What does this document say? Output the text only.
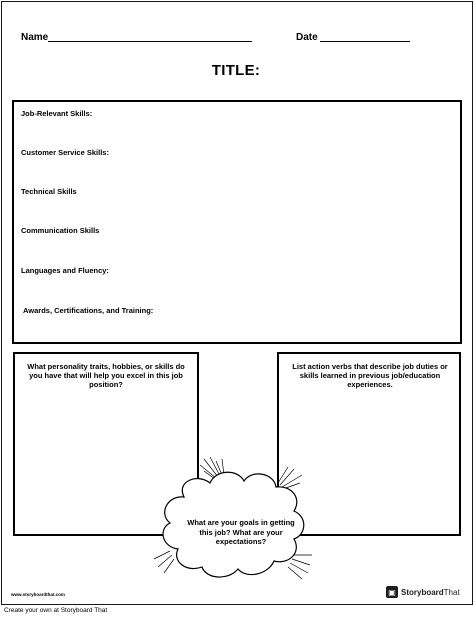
Name	Date
TITLE:
Job-Relevant Skills:
Customer Service Skills:
Technical Skills
Communication Skills
Languages and Fluency:
Awards, Certifications, and Training:
What personality traits, hobbies, or skills do you have that will help you excel in this job position?
List action verbs that describe job duties or skills learned in previous job/education experiences.
What are your goals in getting this job? What are your expectations?
www.storyboardthat.com	▣ StoryboardThat
Create your own at Storyboard That
